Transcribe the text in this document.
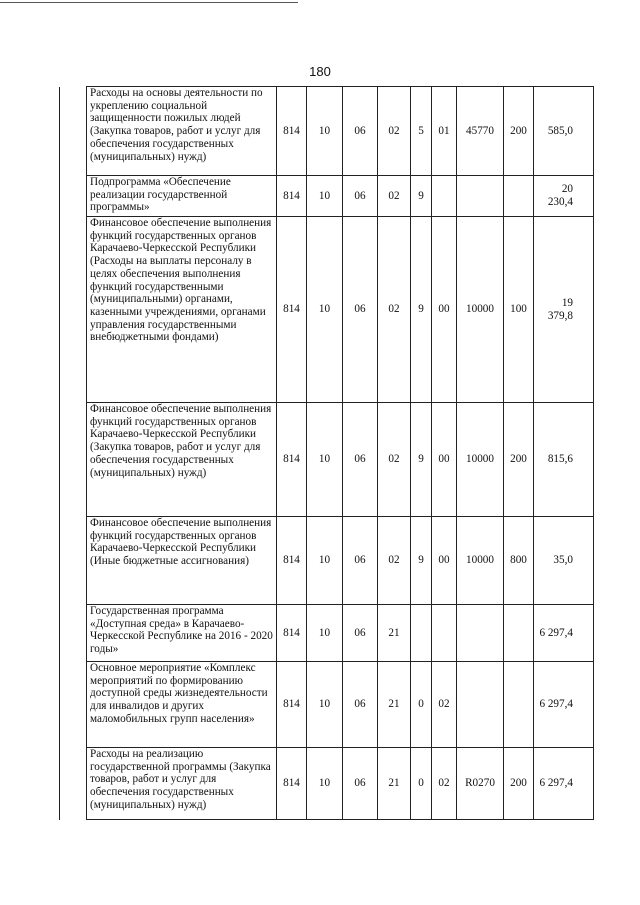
180
	Расходы на основы деятельности по укреплению социальной защищенности пожилых людей (Закупка товаров, работ и услуг для обеспечения государственных (муниципальных) нужд)	814	10	06	02	5	01	45770	200	585,0
	Подпрограмма «Обеспечение реализации государственной программы»	814	10	06	02	9				20 230,4
	Финансовое обеспечение выполнения функций государственных органов Карачаево-Черкесской Республики (Расходы на выплаты персоналу в целях обеспечения выполнения функций государственными (муниципальными) органами, казенными учреждениями, органами управления государственными внебюджетными фондами)	814	10	06	02	9	00	10000	100	19 379,8
	Финансовое обеспечение выполнения функций государственных органов Карачаево-Черкесской Республики (Закупка товаров, работ и услуг для обеспечения государственных (муниципальных) нужд)	814	10	06	02	9	00	10000	200	815,6
	Финансовое обеспечение выполнения функций государственных органов Карачаево-Черкесской Республики (Иные бюджетные ассигнования)	814	10	06	02	9	00	10000	800	35,0
	Государственная программа «Доступная среда» в Карачаево-Черкесской Республике на 2016 - 2020 годы»	814	10	06	21					6 297,4
	Основное мероприятие «Комплекс мероприятий по формированию доступной среды жизнедеятельности для инвалидов и других маломобильных групп населения»	814	10	06	21	0	02			6 297,4
	Расходы на реализацию государственной программы (Закупка товаров, работ и услуг для обеспечения государственных (муниципальных) нужд)	814	10	06	21	0	02	R0270	200	6 297,4
